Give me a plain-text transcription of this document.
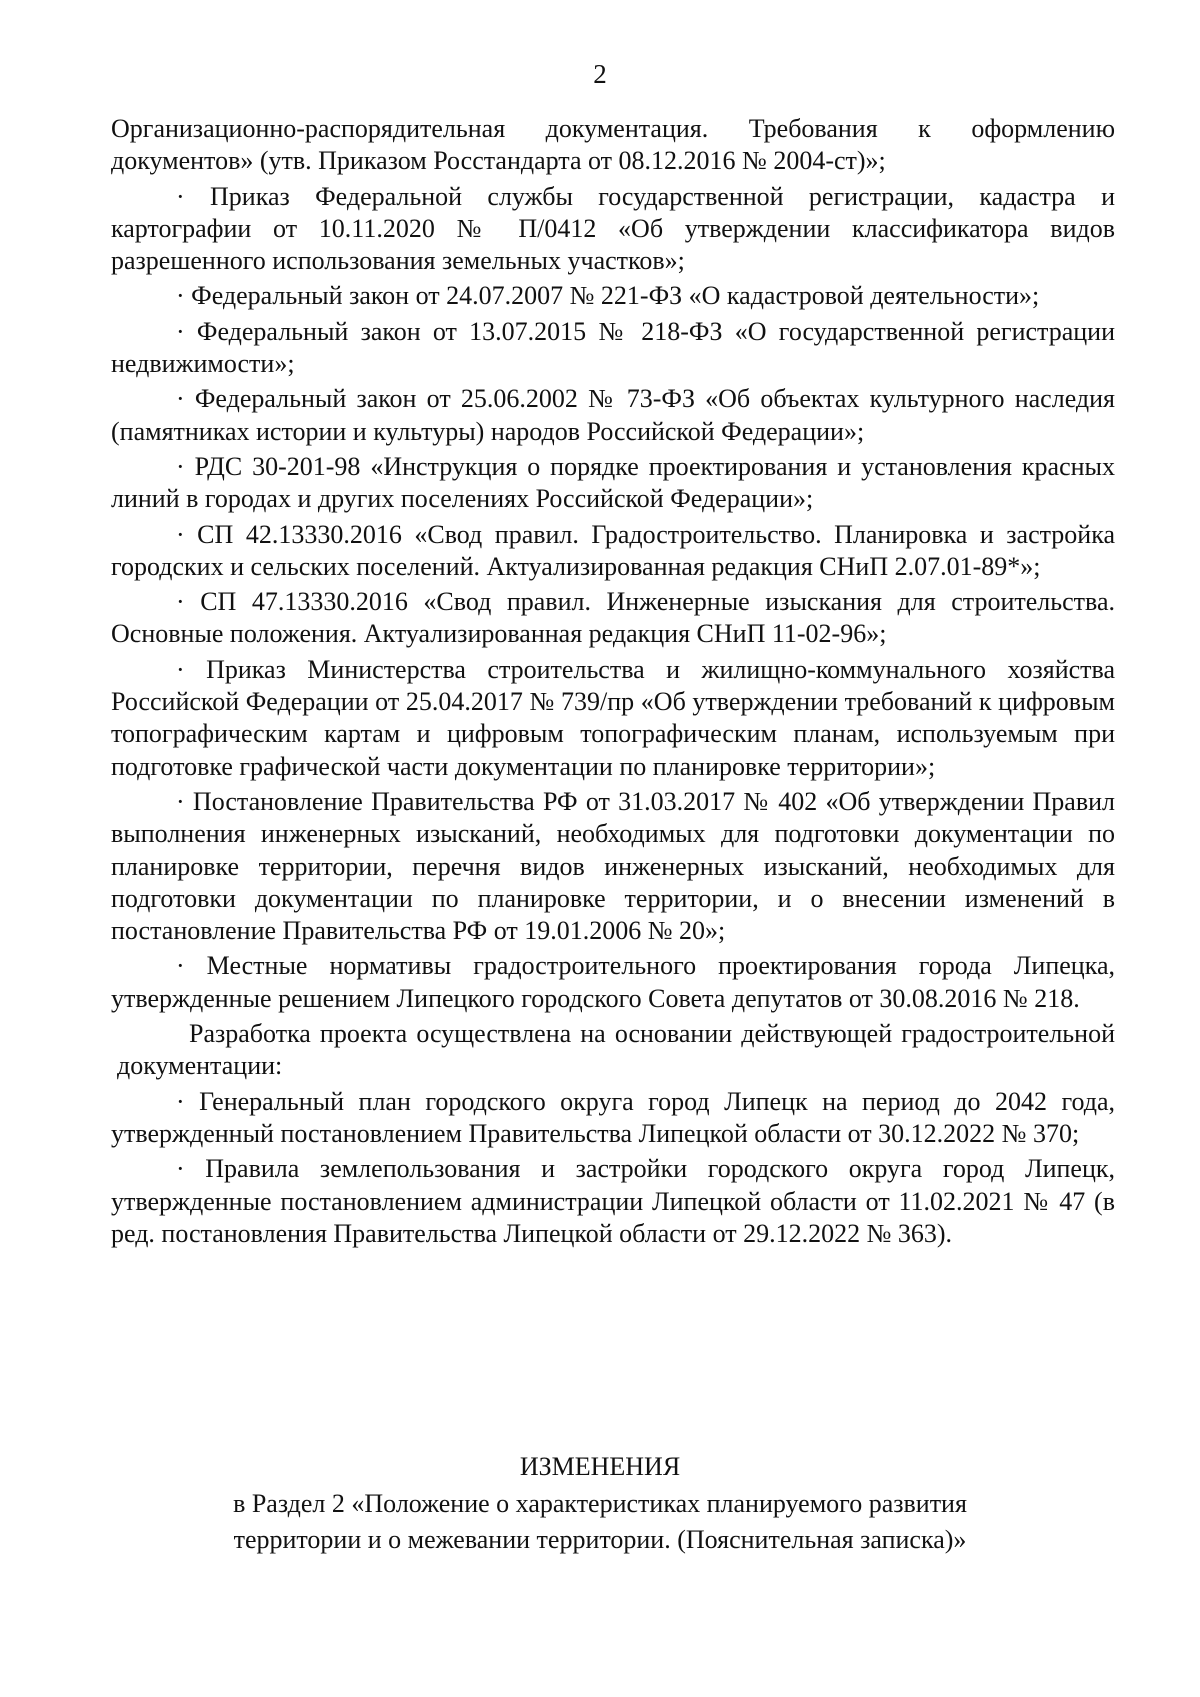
2

Организационно-распорядительная документация. Требования к оформлению документов» (утв. Приказом Росстандарта от 08.12.2016 № 2004-ст)»;

· Приказ Федеральной службы государственной регистрации, кадастра и картографии от 10.11.2020 № П/0412 «Об утверждении классификатора видов разрешенного использования земельных участков»;

· Федеральный закон от 24.07.2007 № 221-ФЗ «О кадастровой деятельности»;

· Федеральный закон от 13.07.2015 № 218-ФЗ «О государственной регистрации недвижимости»;

· Федеральный закон от 25.06.2002 № 73-ФЗ «Об объектах культурного наследия (памятниках истории и культуры) народов Российской Федерации»;

· РДС 30-201-98 «Инструкция о порядке проектирования и установления красных линий в городах и других поселениях Российской Федерации»;

· СП 42.13330.2016 «Свод правил. Градостроительство. Планировка и застройка городских и сельских поселений. Актуализированная редакция СНиП 2.07.01-89*»;

· СП 47.13330.2016 «Свод правил. Инженерные изыскания для строительства. Основные положения. Актуализированная редакция СНиП 11-02-96»;

· Приказ Министерства строительства и жилищно-коммунального хозяйства Российской Федерации от 25.04.2017 № 739/пр «Об утверждении требований к цифровым топографическим картам и цифровым топографическим планам, используемым при подготовке графической части документации по планировке территории»;

· Постановление Правительства РФ от 31.03.2017 № 402 «Об утверждении Правил выполнения инженерных изысканий, необходимых для подготовки документации по планировке территории, перечня видов инженерных изысканий, необходимых для подготовки документации по планировке территории, и о внесении изменений в постановление Правительства РФ от 19.01.2006 № 20»;

· Местные нормативы градостроительного проектирования города Липецка, утвержденные решением Липецкого городского Совета депутатов от 30.08.2016 № 218.

Разработка проекта осуществлена на основании действующей градостроительной документации:

· Генеральный план городского округа город Липецк на период до 2042 года, утвержденный постановлением Правительства Липецкой области от 30.12.2022 № 370;

· Правила землепользования и застройки городского округа город Липецк, утвержденные постановлением администрации Липецкой области от 11.02.2021 № 47 (в ред. постановления Правительства Липецкой области от 29.12.2022 № 363).

ИЗМЕНЕНИЯ
в Раздел 2 «Положение о характеристиках планируемого развития
территории и о межевании территории. (Пояснительная записка)»
